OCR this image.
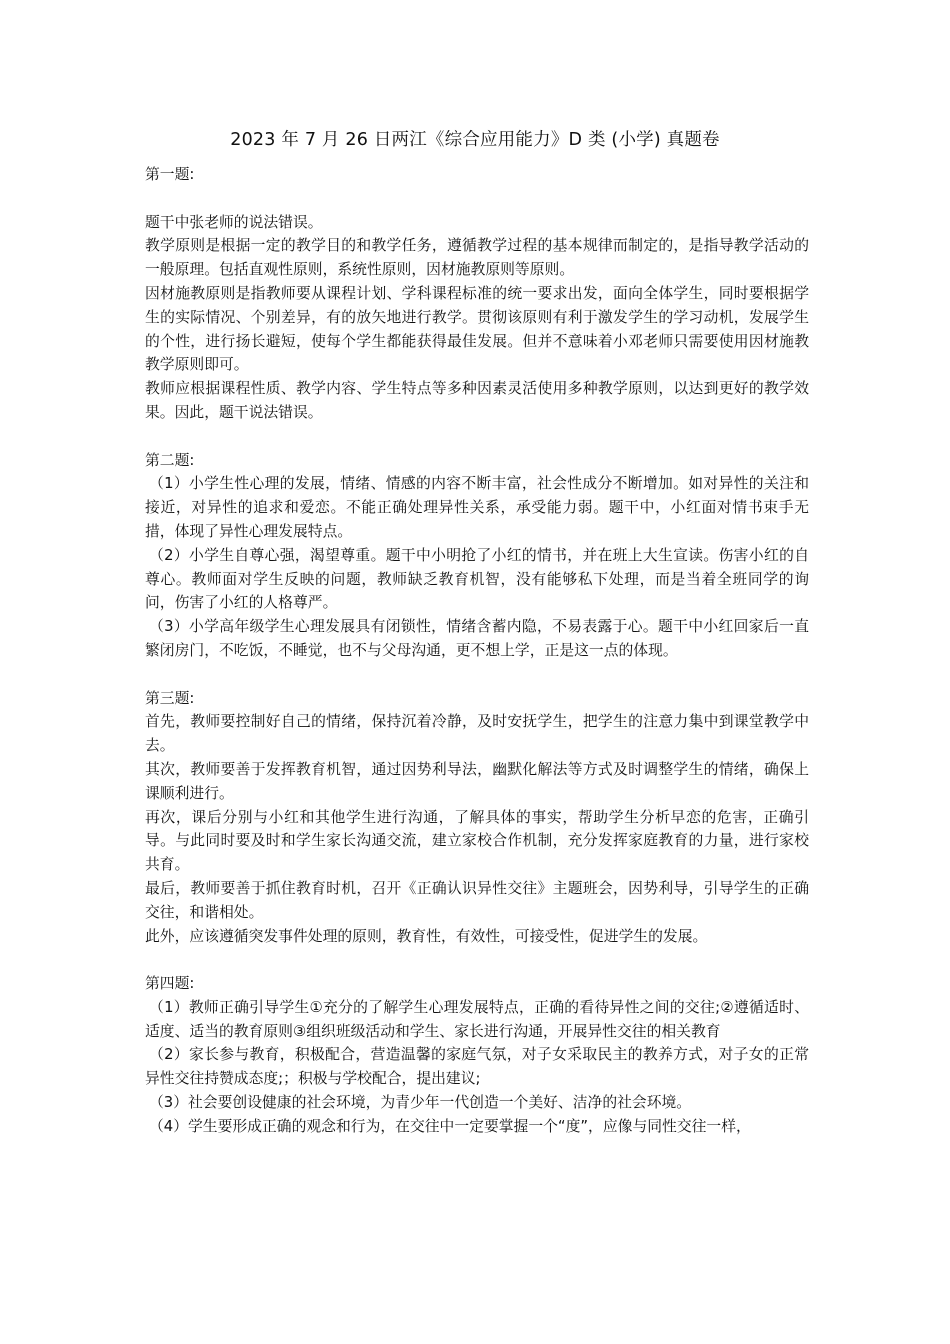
2023 年 7 月 26 日两江《综合应用能力》D 类 (小学) 真题卷

第一题:

题干中张老师的说法错误。

教学原则是根据一定的教学目的和教学任务，遵循教学过程的基本规律而制定的，是指导教学活动的一般原理。包括直观性原则，系统性原则，因材施教原则等原则。

因材施教原则是指教师要从课程计划、学科课程标准的统一要求出发，面向全体学生，同时要根据学生的实际情况、个别差异，有的放矢地进行教学。贯彻该原则有利于激发学生的学习动机，发展学生的个性，进行扬长避短，使每个学生都能获得最佳发展。但并不意味着小邓老师只需要使用因材施教教学原则即可。

教师应根据课程性质、教学内容、学生特点等多种因素灵活使用多种教学原则，以达到更好的教学效果。因此，题干说法错误。

第二题:

（1）小学生性心理的发展，情绪、情感的内容不断丰富，社会性成分不断增加。如对异性的关注和接近，对异性的追求和爱恋。不能正确处理异性关系，承受能力弱。题干中，小红面对情书束手无措，体现了异性心理发展特点。

（2）小学生自尊心强，渴望尊重。题干中小明抢了小红的情书，并在班上大生宣读。伤害小红的自尊心。教师面对学生反映的问题，教师缺乏教育机智，没有能够私下处理，而是当着全班同学的询问，伤害了小红的人格尊严。

（3）小学高年级学生心理发展具有闭锁性，情绪含蓄内隐，不易表露于心。题干中小红回家后一直繁闭房门，不吃饭，不睡觉，也不与父母沟通，更不想上学，正是这一点的体现。

第三题:

首先，教师要控制好自己的情绪，保持沉着冷静，及时安抚学生，把学生的注意力集中到课堂教学中去。

其次，教师要善于发挥教育机智，通过因势利导法，幽默化解法等方式及时调整学生的情绪，确保上课顺利进行。

再次，课后分别与小红和其他学生进行沟通，了解具体的事实，帮助学生分析早恋的危害，正确引导。与此同时要及时和学生家长沟通交流，建立家校合作机制，充分发挥家庭教育的力量，进行家校共育。

最后，教师要善于抓住教育时机，召开《正确认识异性交往》主题班会，因势利导，引导学生的正确交往，和谐相处。

此外，应该遵循突发事件处理的原则，教育性，有效性，可接受性，促进学生的发展。

第四题:

（1）教师正确引导学生①充分的了解学生心理发展特点，正确的看待异性之间的交往;②遵循适时、适度、适当的教育原则③组织班级活动和学生、家长进行沟通，开展异性交往的相关教育

（2）家长参与教育，积极配合，营造温馨的家庭气氛，对子女采取民主的教养方式，对子女的正常异性交往持赞成态度;；积极与学校配合，提出建议;

（3）社会要创设健康的社会环境，为青少年一代创造一个美好、洁净的社会环境。

（4）学生要形成正确的观念和行为，在交往中一定要掌握一个“度”，应像与同性交往一样，
